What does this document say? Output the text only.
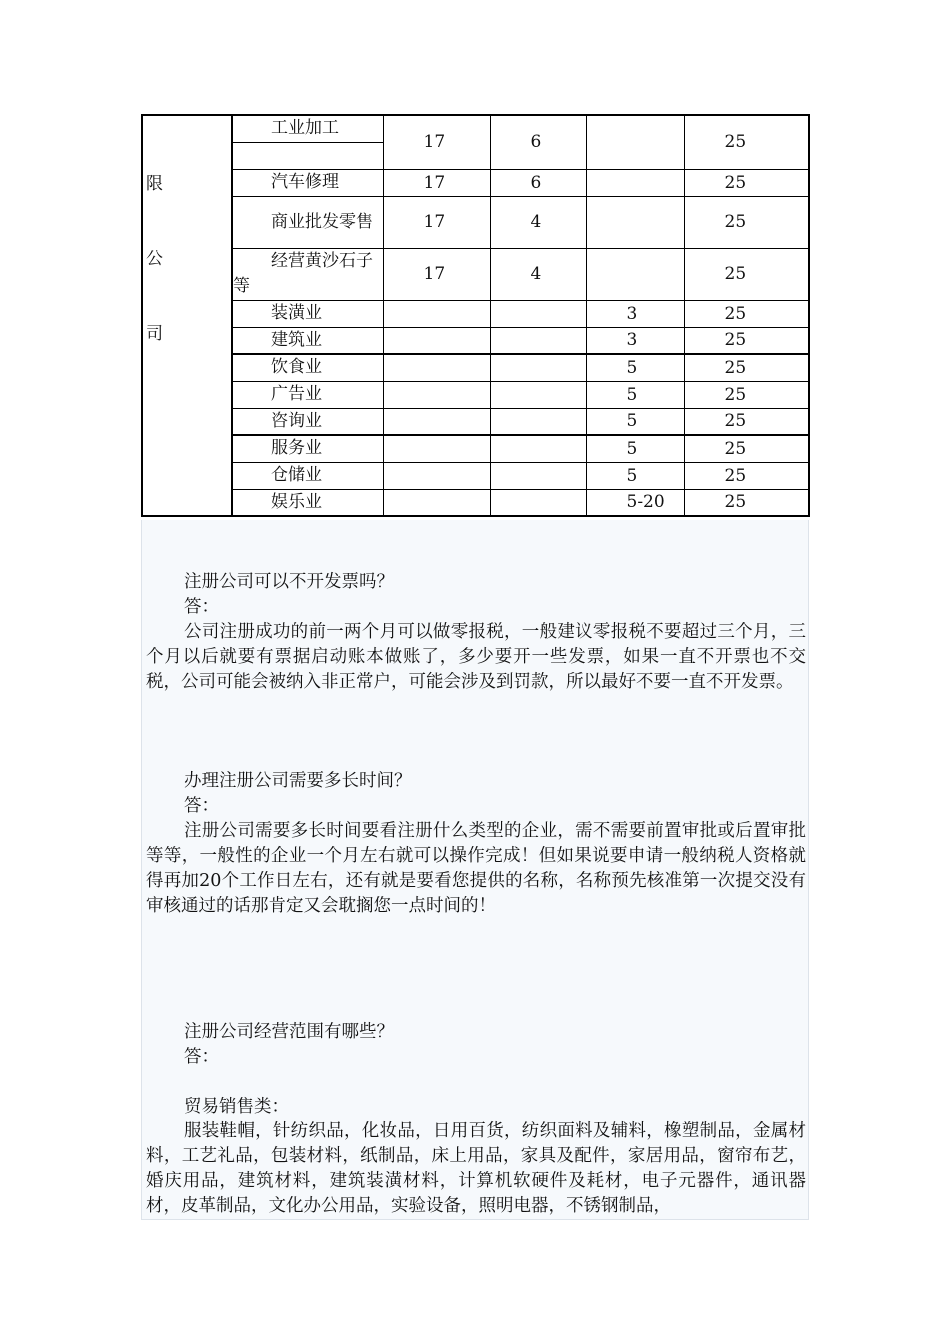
限
公
司	工业加工	17	6		25

	汽车修理	17	6		25
	商业批发零售	17	4		25
	经营黄沙石子等	17	4		25
	装潢业			3	25
	建筑业			3	25
	饮食业			5	25
	广告业			5	25
	咨询业			5	25
	服务业			5	25
	仓储业			5	25
	娱乐业			5-20	25
注册公司可以不开发票吗？
答：
公司注册成功的前一两个月可以做零报税，一般建议零报税不要超过三个月，三个月以后就要有票据启动账本做账了，多少要开一些发票，如果一直不开票也不交税，公司可能会被纳入非正常户，可能会涉及到罚款，所以最好不要一直不开发票。
办理注册公司需要多长时间？
答：
注册公司需要多长时间要看注册什么类型的企业，需不需要前置审批或后置审批等等，一般性的企业一个月左右就可以操作完成！但如果说要申请一般纳税人资格就得再加20个工作日左右，还有就是要看您提供的名称，名称预先核准第一次提交没有审核通过的话那肯定又会耽搁您一点时间的！
注册公司经营范围有哪些？
答：
贸易销售类：
服装鞋帽，针纺织品，化妆品，日用百货，纺织面料及辅料，橡塑制品，金属材料，工艺礼品，包装材料，纸制品，床上用品，家具及配件，家居用品，窗帘布艺，婚庆用品，建筑材料，建筑装潢材料，计算机软硬件及耗材，电子元器件，通讯器材，皮革制品，文化办公用品，实验设备，照明电器，不锈钢制品，
